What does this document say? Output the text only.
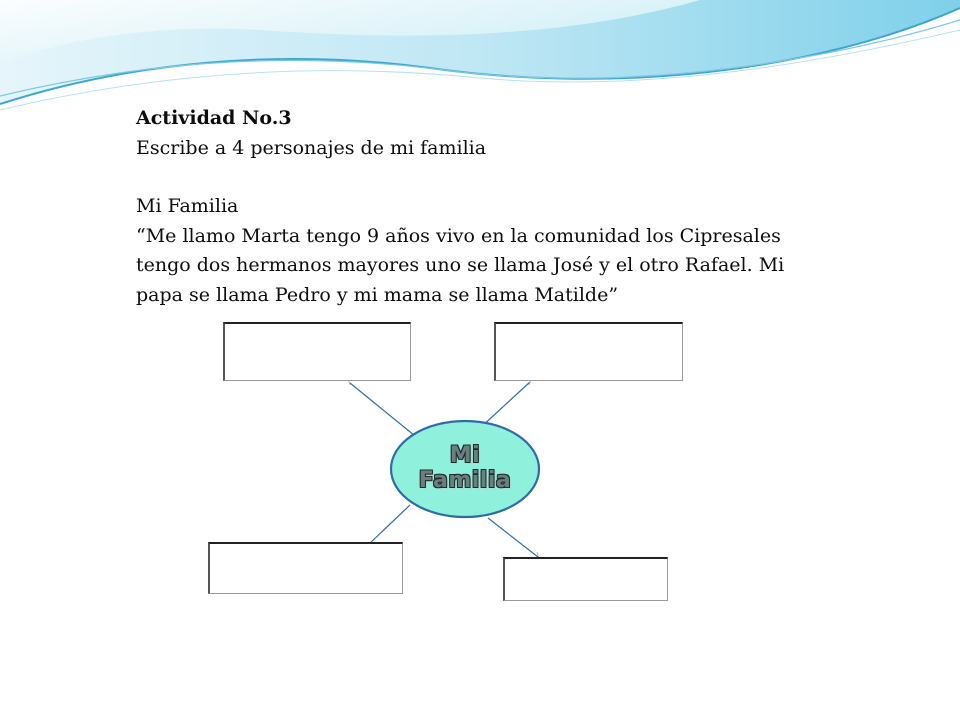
Actividad No.3

Escribe a 4 personajes de mi familia

Mi Familia

“Me llamo Marta tengo 9 años vivo en la comunidad los Cipresales tengo dos hermanos mayores uno se llama José y el otro Rafael. Mi papa se llama Pedro y mi mama se llama Matilde”

Mi
Familia
